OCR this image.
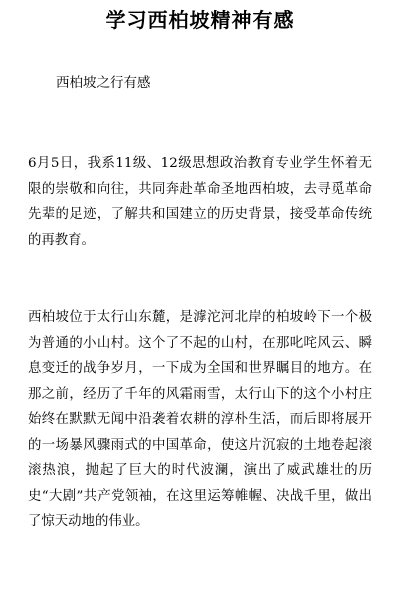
学习西柏坡精神有感
西柏坡之行有感

6月5日，我系11级、12级思想政治教育专业学生怀着无限的崇敬和向往，共同奔赴革命圣地西柏坡，去寻觅革命先辈的足迹，了解共和国建立的历史背景，接受革命传统的再教育。

西柏坡位于太行山东麓，是滹沱河北岸的柏坡岭下一个极为普通的小山村。这个了不起的山村，在那叱咤风云、瞬息变迁的战争岁月，一下成为全国和世界瞩目的地方。在那之前，经历了千年的风霜雨雪，太行山下的这个小村庄始终在默默无闻中沿袭着农耕的淳朴生活，而后即将展开的一场暴风骤雨式的中国革命，使这片沉寂的土地卷起滚滚热浪，抛起了巨大的时代波澜，演出了威武雄壮的历史“大剧”共产党领袖，在这里运筹帷幄、决战千里，做出了惊天动地的伟业。
